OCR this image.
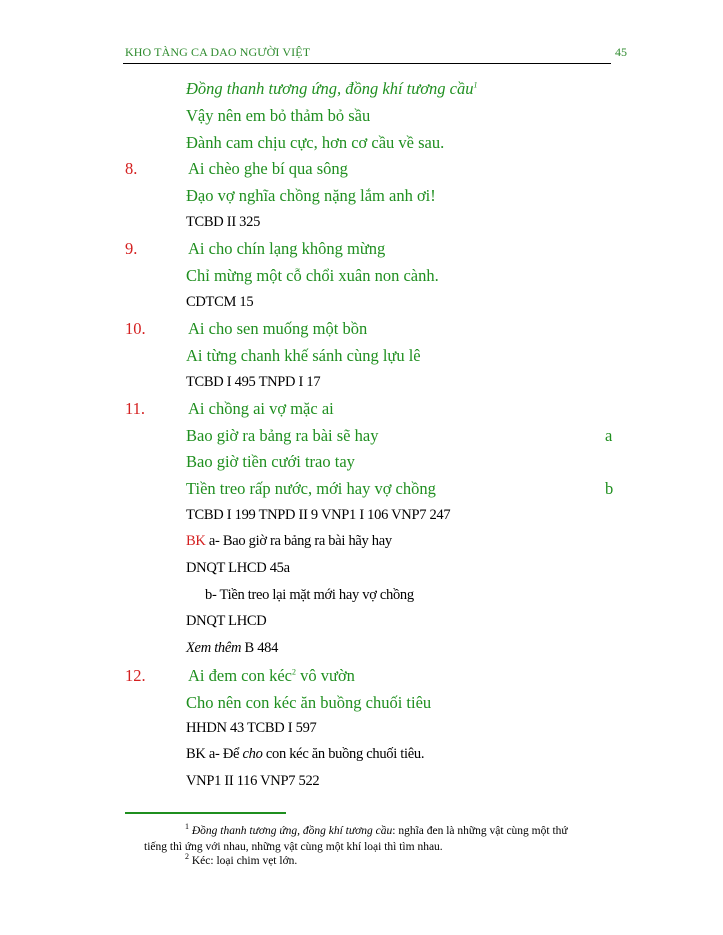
KHO TÀNG CA DAO NGƯỜI VIỆT	45
Đồng thanh tương ứng, đồng khí tương cầu$^1$
Vậy nên em bỏ thảm bỏ sầu
Đành cam chịu cực, hơn cơ cầu về sau.
8.	Ai chèo ghe bí qua sông
Đạo vợ nghĩa chồng nặng lắm anh ơi!
TCBD II 325
9.	Ai cho chín lạng không mừng
Chỉ mừng một cỗ chổi xuân non cành.
CDTCM 15
10.	Ai cho sen muống một bồn
Ai từng chanh khế sánh cùng lựu lê
TCBD I 495 TNPD I 17
11.	Ai chồng ai vợ mặc ai
Bao giờ ra bảng ra bài sẽ hay	a
Bao giờ tiền cưới trao tay
Tiền treo rấp nước, mới hay vợ chồng	b
TCBD I 199 TNPD II 9 VNP1 I 106 VNP7 247
BK a- Bao giờ ra bảng ra bài hãy hay
DNQT LHCD 45a
b- Tiền treo lại mặt mới hay vợ chồng
DNQT LHCD
Xem thêm B 484
12.	Ai đem con kéc$^2$ vô vườn
Cho nên con kéc ăn buồng chuối tiêu
HHDN 43 TCBD I 597
BK a- Để cho con kéc ăn buồng chuối tiêu.
VNP1 II 116 VNP7 522
$^1$ Đồng thanh tương ứng, đồng khí tương cầu: nghĩa đen là những vật cùng một thứ
tiếng thì ứng với nhau, những vật cùng một khí loại thì tìm nhau.
$^2$ Kéc: loại chim vẹt lớn.
